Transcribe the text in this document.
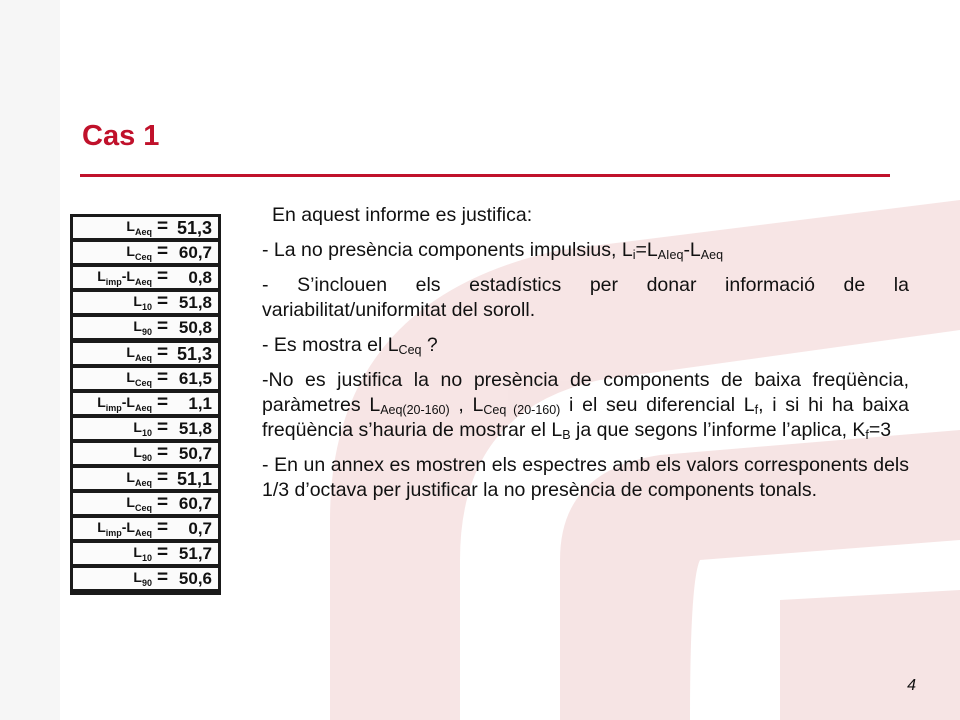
Cas 1
$L_{Aeq} = 51,3$
$L_{Ceq} = 60,7$
$L_{imp}-L_{Aeq} = 0,8$
$L_{10} = 51,8$
$L_{90} = 50,8$
$L_{Aeq} = 51,3$
$L_{Ceq} = 61,5$
$L_{imp}-L_{Aeq} = 1,1$
$L_{10} = 51,8$
$L_{90} = 50,7$
$L_{Aeq} = 51,1$
$L_{Ceq} = 60,7$
$L_{imp}-L_{Aeq} = 0,7$
$L_{10} = 51,7$
$L_{90} = 50,6$

En aquest informe es justifica:

- La no presència components impulsius, $L_i=L_{AIeq}-L_{Aeq}$

- S’inclouen els estadístics per donar informació de la variabilitat/uniformitat del soroll.

- Es mostra el $L_{Ceq}$ ?

-No es justifica la no presència de components de baixa freqüència, paràmetres $L_{Aeq(20-160)}$ , $L_{Ceq (20-160)}$ i el seu diferencial $L_f$, i si hi ha baixa freqüència s’hauria de mostrar el $L_B$ ja que segons l’informe l’aplica, $K_f=3$

- En un annex es mostren els espectres amb els valors corresponents dels 1/3 d’octava per justificar la no presència de components tonals.

4
